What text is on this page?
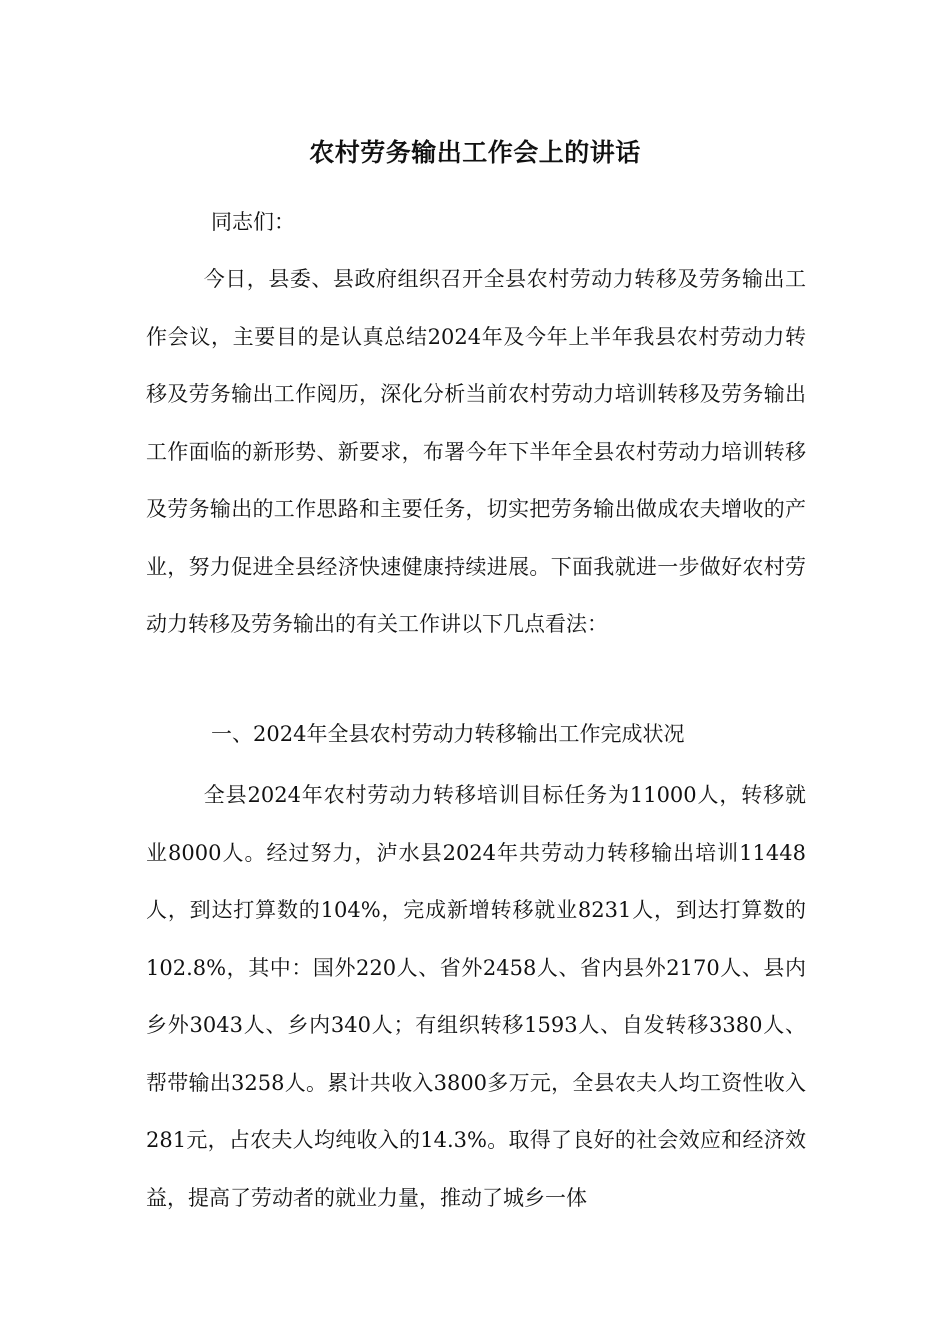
农村劳务输出工作会上的讲话
同志们：

今日，县委、县政府组织召开全县农村劳动力转移及劳务输出工作会议，主要目的是认真总结2024年及今年上半年我县农村劳动力转移及劳务输出工作阅历，深化分析当前农村劳动力培训转移及劳务输出工作面临的新形势、新要求，布署今年下半年全县农村劳动力培训转移及劳务输出的工作思路和主要任务，切实把劳务输出做成农夫增收的产业，努力促进全县经济快速健康持续进展。下面我就进一步做好农村劳动力转移及劳务输出的有关工作讲以下几点看法：

一、2024年全县农村劳动力转移输出工作完成状况

全县2024年农村劳动力转移培训目标任务为11000人，转移就业8000人。经过努力，泸水县2024年共劳动力转移输出培训11448人，到达打算数的104%，完成新增转移就业8231人，到达打算数的102.8%，其中：国外220人、省外2458人、省内县外2170人、县内乡外3043人、乡内340人；有组织转移1593人、自发转移3380人、帮带输出3258人。累计共收入3800多万元，全县农夫人均工资性收入281元，占农夫人均纯收入的14.3%。取得了良好的社会效应和经济效益，提高了劳动者的就业力量，推动了城乡一体
